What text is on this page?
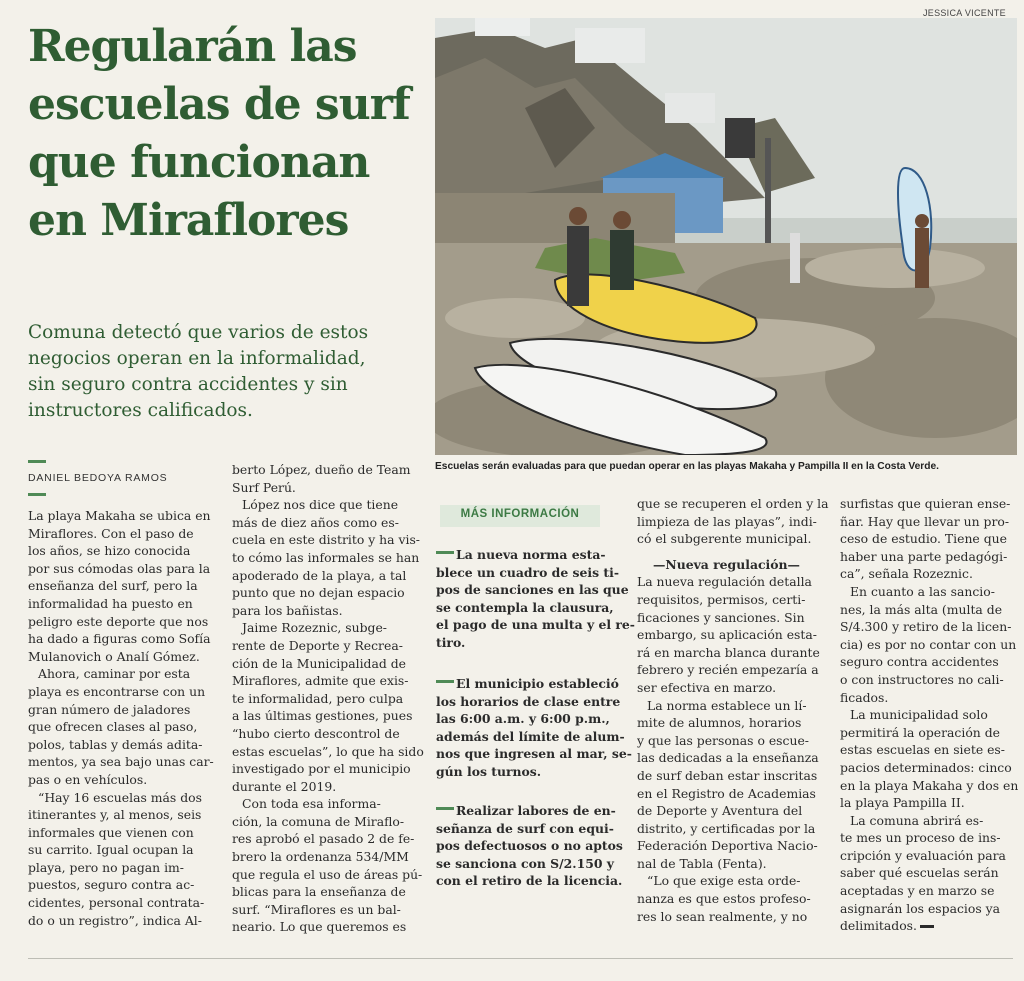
JESSICA VICENTE
Regularán las
escuelas de surf
que funcionan
en Miraflores
Escuelas serán evaluadas para que puedan operar en las playas Makaha y Pampilla II en la Costa Verde.
Comuna detectó que varios de estos
negocios operan en la informalidad,
sin seguro contra accidentes y sin
instructores calificados.
DANIEL BEDOYA RAMOS
La playa Makaha se ubica en
Miraflores. Con el paso de
los años, se hizo conocida
por sus cómodas olas para la
enseñanza del surf, pero la
informalidad ha puesto en
peligro este deporte que nos
ha dado a figuras como Sofía
Mulanovich o Analí Gómez.
Ahora, caminar por esta
playa es encontrarse con un
gran número de jaladores
que ofrecen clases al paso,
polos, tablas y demás adita-
mentos, ya sea bajo unas car-
pas o en vehículos.
“Hay 16 escuelas más dos
itinerantes y, al menos, seis
informales que vienen con
su carrito. Igual ocupan la
playa, pero no pagan im-
puestos, seguro contra ac-
cidentes, personal contrata-
do o un registro”, indica Al-
berto López, dueño de Team
Surf Perú.
López nos dice que tiene
más de diez años como es-
cuela en este distrito y ha vis-
to cómo las informales se han
apoderado de la playa, a tal
punto que no dejan espacio
para los bañistas.
Jaime Rozeznic, subge-
rente de Deporte y Recrea-
ción de la Municipalidad de
Miraflores, admite que exis-
te informalidad, pero culpa
a las últimas gestiones, pues
“hubo cierto descontrol de
estas escuelas”, lo que ha sido
investigado por el municipio
durante el 2019.
Con toda esa informa-
ción, la comuna de Miraflo-
res aprobó el pasado 2 de fe-
brero la ordenanza 534/MM
que regula el uso de áreas pú-
blicas para la enseñanza de
surf. “Miraflores es un bal-
neario. Lo que queremos es
MÁS INFORMACIÓN
La nueva norma esta-
blece un cuadro de seis ti-
pos de sanciones en las que
se contempla la clausura,
el pago de una multa y el re-
tiro.
El municipio estableció
los horarios de clase entre
las 6:00 a.m. y 6:00 p.m.,
además del límite de alum-
nos que ingresen al mar, se-
gún los turnos.
Realizar labores de en-
señanza de surf con equi-
pos defectuosos o no aptos
se sanciona con S/2.150 y
con el retiro de la licencia.
que se recuperen el orden y la
limpieza de las playas”, indi-
có el subgerente municipal.
—Nueva regulación—
La nueva regulación detalla
requisitos, permisos, certi-
ficaciones y sanciones. Sin
embargo, su aplicación esta-
rá en marcha blanca durante
febrero y recién empezaría a
ser efectiva en marzo.
La norma establece un lí-
mite de alumnos, horarios
y que las personas o escue-
las dedicadas a la enseñanza
de surf deban estar inscritas
en el Registro de Academias
de Deporte y Aventura del
distrito, y certificadas por la
Federación Deportiva Nacio-
nal de Tabla (Fenta).
“Lo que exige esta orde-
nanza es que estos profeso-
res lo sean realmente, y no
surfistas que quieran ense-
ñar. Hay que llevar un pro-
ceso de estudio. Tiene que
haber una parte pedagógi-
ca”, señala Rozeznic.
En cuanto a las sancio-
nes, la más alta (multa de
S/4.300 y retiro de la licen-
cia) es por no contar con un
seguro contra accidentes
o con instructores no cali-
ficados.
La municipalidad solo
permitirá la operación de
estas escuelas en siete es-
pacios determinados: cinco
en la playa Makaha y dos en
la playa Pampilla II.
La comuna abrirá es-
te mes un proceso de ins-
cripción y evaluación para
saber qué escuelas serán
aceptadas y en marzo se
asignarán los espacios ya
delimitados.
